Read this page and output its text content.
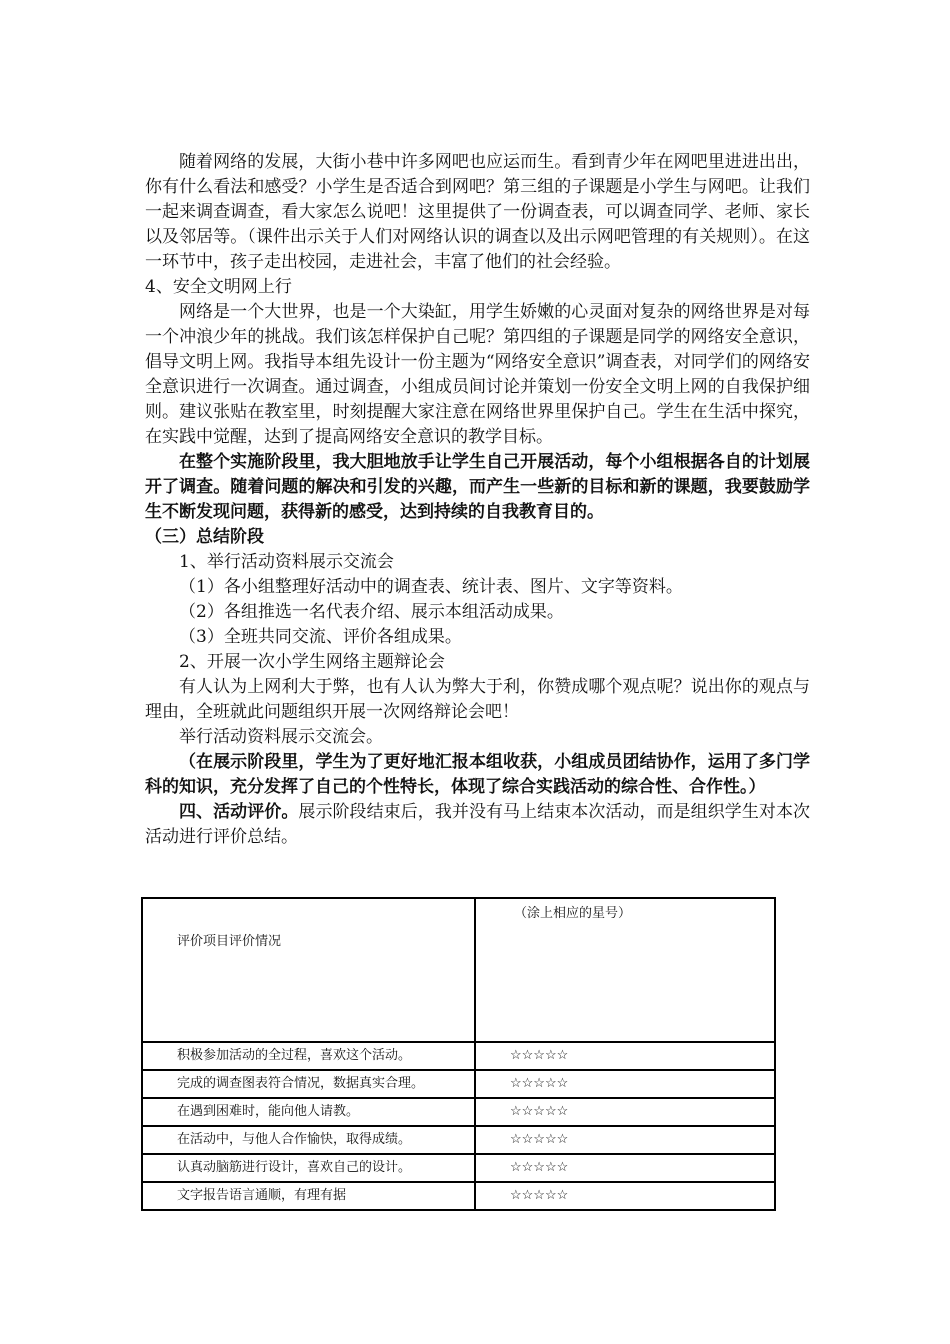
随着网络的发展，大街小巷中许多网吧也应运而生。看到青少年在网吧里进进出出，你有什么看法和感受？小学生是否适合到网吧？第三组的子课题是小学生与网吧。让我们一起来调查调查，看大家怎么说吧！这里提供了一份调查表，可以调查同学、老师、家长以及邻居等。（课件出示关于人们对网络认识的调查以及出示网吧管理的有关规则）。在这一环节中，孩子走出校园，走进社会，丰富了他们的社会经验。

4、安全文明网上行

网络是一个大世界，也是一个大染缸，用学生娇嫩的心灵面对复杂的网络世界是对每一个冲浪少年的挑战。我们该怎样保护自己呢？第四组的子课题是同学的网络安全意识，倡导文明上网。我指导本组先设计一份主题为“网络安全意识”调查表，对同学们的网络安全意识进行一次调查。通过调查，小组成员间讨论并策划一份安全文明上网的自我保护细则。建议张贴在教室里，时刻提醒大家注意在网络世界里保护自己。学生在生活中探究，在实践中觉醒，达到了提高网络安全意识的教学目标。

在整个实施阶段里，我大胆地放手让学生自己开展活动，每个小组根据各自的计划展开了调查。随着问题的解决和引发的兴趣，而产生一些新的目标和新的课题，我要鼓励学生不断发现问题，获得新的感受，达到持续的自我教育目的。

（三）总结阶段

1、举行活动资料展示交流会

（1）各小组整理好活动中的调查表、统计表、图片、文字等资料。

（2）各组推选一名代表介绍、展示本组活动成果。

（3）全班共同交流、评价各组成果。

2、开展一次小学生网络主题辩论会

有人认为上网利大于弊，也有人认为弊大于利，你赞成哪个观点呢？说出你的观点与理由，全班就此问题组织开展一次网络辩论会吧！

举行活动资料展示交流会。

（在展示阶段里，学生为了更好地汇报本组收获，小组成员团结协作，运用了多门学科的知识，充分发挥了自己的个性特长，体现了综合实践活动的综合性、合作性。）

四、活动评价。展示阶段结束后，我并没有马上结束本次活动，而是组织学生对本次活动进行评价总结。

评价项目评价情况	（涂上相应的星号）
积极参加活动的全过程，喜欢这个活动。	☆☆☆☆☆
完成的调查图表符合情况，数据真实合理。	☆☆☆☆☆
在遇到困难时，能向他人请教。	☆☆☆☆☆
在活动中，与他人合作愉快，取得成绩。	☆☆☆☆☆
认真动脑筋进行设计，喜欢自己的设计。	☆☆☆☆☆
文字报告语言通顺，有理有据	☆☆☆☆☆
